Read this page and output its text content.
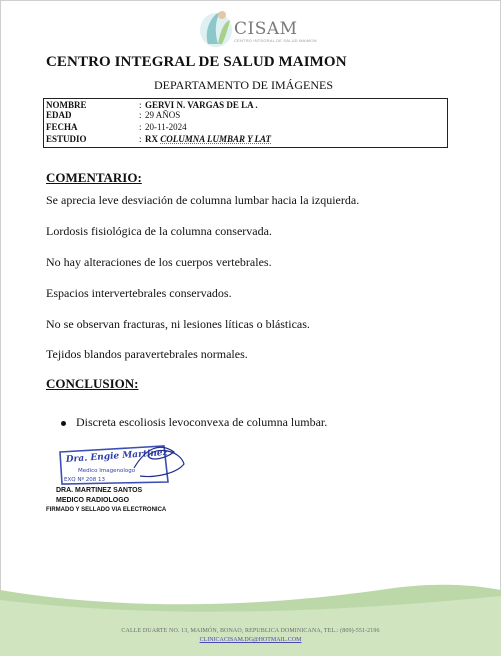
CISAM
CENTRO INTEGRAL DE SALUD MAIMON
CENTRO INTEGRAL DE SALUD MAIMON
DEPARTAMENTO DE IMÁGENES
NOMBRE	: GERVI N. VARGAS DE LA .
EDAD	: 29 AÑOS
FECHA	: 20-11-2024
ESTUDIO	: RX COLUMNA LUMBAR Y LAT
COMENTARIO:
Se aprecia leve desviación de columna lumbar hacia la izquierda.
Lordosis fisiológica de la columna conservada.
No hay alteraciones de los cuerpos vertebrales.
Espacios intervertebrales conservados.
No se observan fracturas, ni lesiones líticas o blásticas.
Tejidos blandos paravertebrales normales.
CONCLUSION:
Discreta escoliosis levoconvexa de columna lumbar.
Dra. Engie Martinez
Medico Imagenologo
EXQ Nº 208 13
DRA. MARTINEZ SANTOS
MEDICO RADIOLOGO
FIRMADO Y SELLADO VIA ELECTRONICA
CALLE DUARTE NO. 13, MAIMÓN, BONAO, REPUBLICA DOMINICANA, TEL.: (809)-551-2196
CLINICACISAM.DG@HOTMAIL.COM
